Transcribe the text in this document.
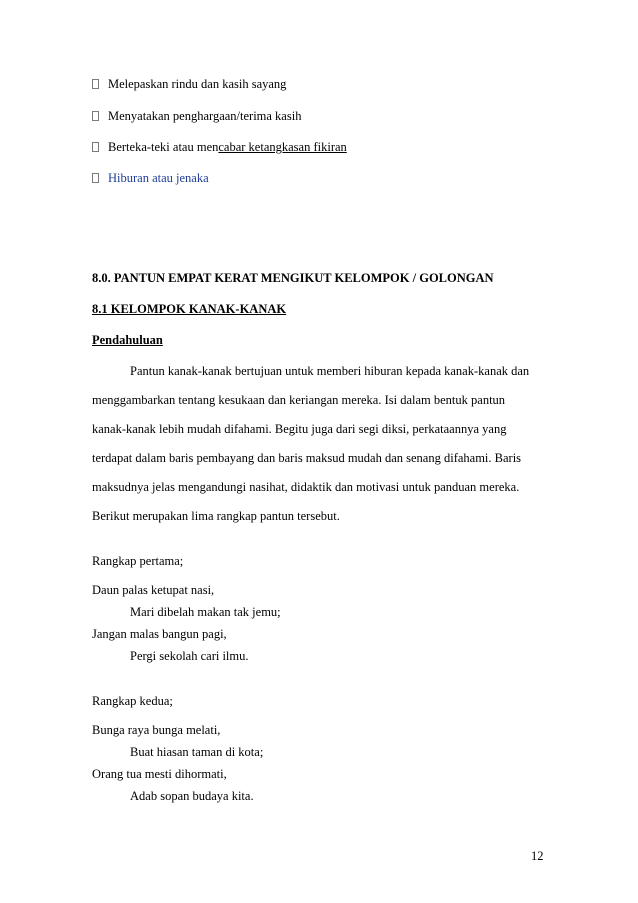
Melepaskan rindu dan kasih sayang
Menyatakan penghargaan/terima kasih
Berteka-teki atau mencabar ketangkasan fikiran
Hiburan atau jenaka
8.0. PANTUN EMPAT KERAT MENGIKUT KELOMPOK / GOLONGAN
8.1 KELOMPOK KANAK-KANAK
Pendahuluan
Pantun kanak-kanak bertujuan untuk memberi hiburan kepada kanak-kanak dan
menggambarkan tentang kesukaan dan keriangan mereka. Isi dalam bentuk pantun
kanak-kanak lebih mudah difahami. Begitu juga dari segi diksi, perkataannya yang
terdapat dalam baris pembayang dan baris maksud mudah dan senang difahami. Baris
maksudnya jelas mengandungi nasihat, didaktik dan motivasi untuk panduan mereka.
Berikut merupakan lima rangkap pantun tersebut.
Rangkap pertama;
Daun palas ketupat nasi,
Mari dibelah makan tak jemu;
Jangan malas bangun pagi,
Pergi sekolah cari ilmu.
Rangkap kedua;
Bunga raya bunga melati,
Buat hiasan taman di kota;
Orang tua mesti dihormati,
Adab sopan budaya kita.
12
